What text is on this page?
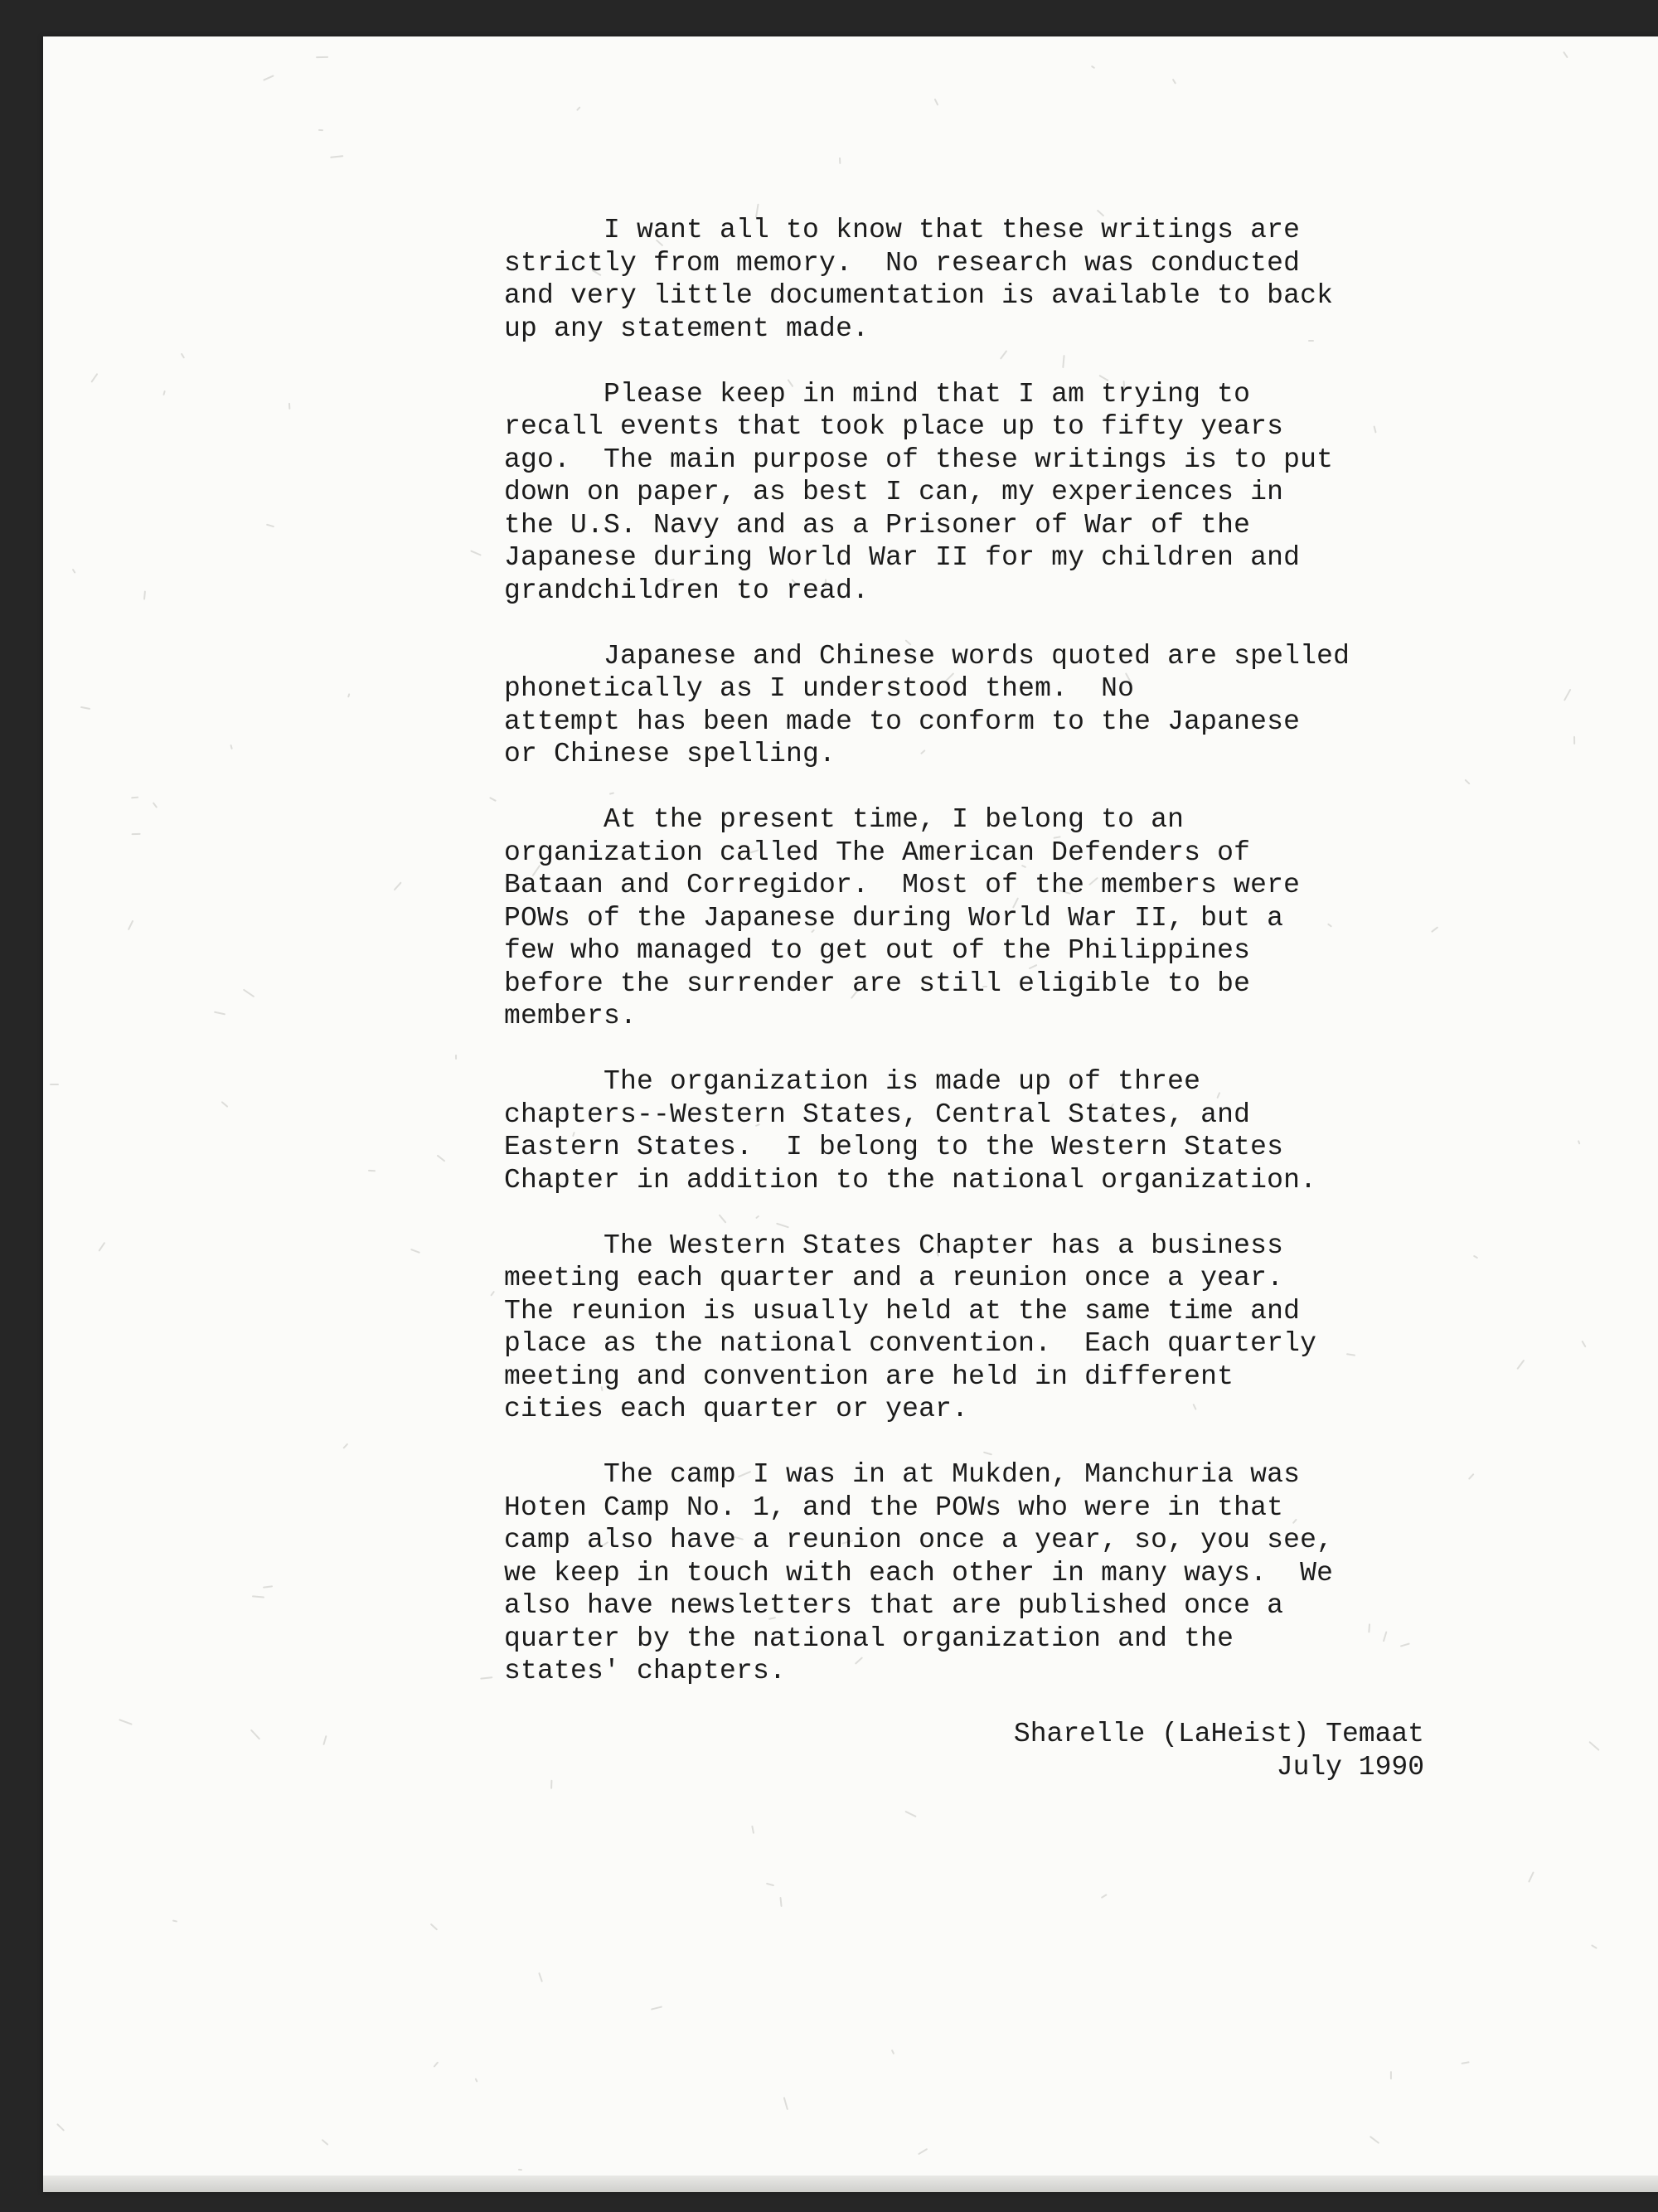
I want all to know that these writings are
strictly from memory.  No research was conducted
and very little documentation is available to back
up any statement made.

Please keep in mind that I am trying to
recall events that took place up to fifty years
ago.  The main purpose of these writings is to put
down on paper, as best I can, my experiences in
the U.S. Navy and as a Prisoner of War of the
Japanese during World War II for my children and
grandchildren to read.

Japanese and Chinese words quoted are spelled
phonetically as I understood them.  No
attempt has been made to conform to the Japanese
or Chinese spelling.

At the present time, I belong to an
organization called The American Defenders of
Bataan and Corregidor.  Most of the members were
POWs of the Japanese during World War II, but a
few who managed to get out of the Philippines
before the surrender are still eligible to be
members.

The organization is made up of three
chapters--Western States, Central States, and
Eastern States.  I belong to the Western States
Chapter in addition to the national organization.

The Western States Chapter has a business
meeting each quarter and a reunion once a year.
The reunion is usually held at the same time and
place as the national convention.  Each quarterly
meeting and convention are held in different
cities each quarter or year.

The camp I was in at Mukden, Manchuria was
Hoten Camp No. 1, and the POWs who were in that
camp also have a reunion once a year, so, you see,
we keep in touch with each other in many ways.  We
also have newsletters that are published once a
quarter by the national organization and the
states' chapters.

Sharelle (LaHeist) Temaat
July 1990
